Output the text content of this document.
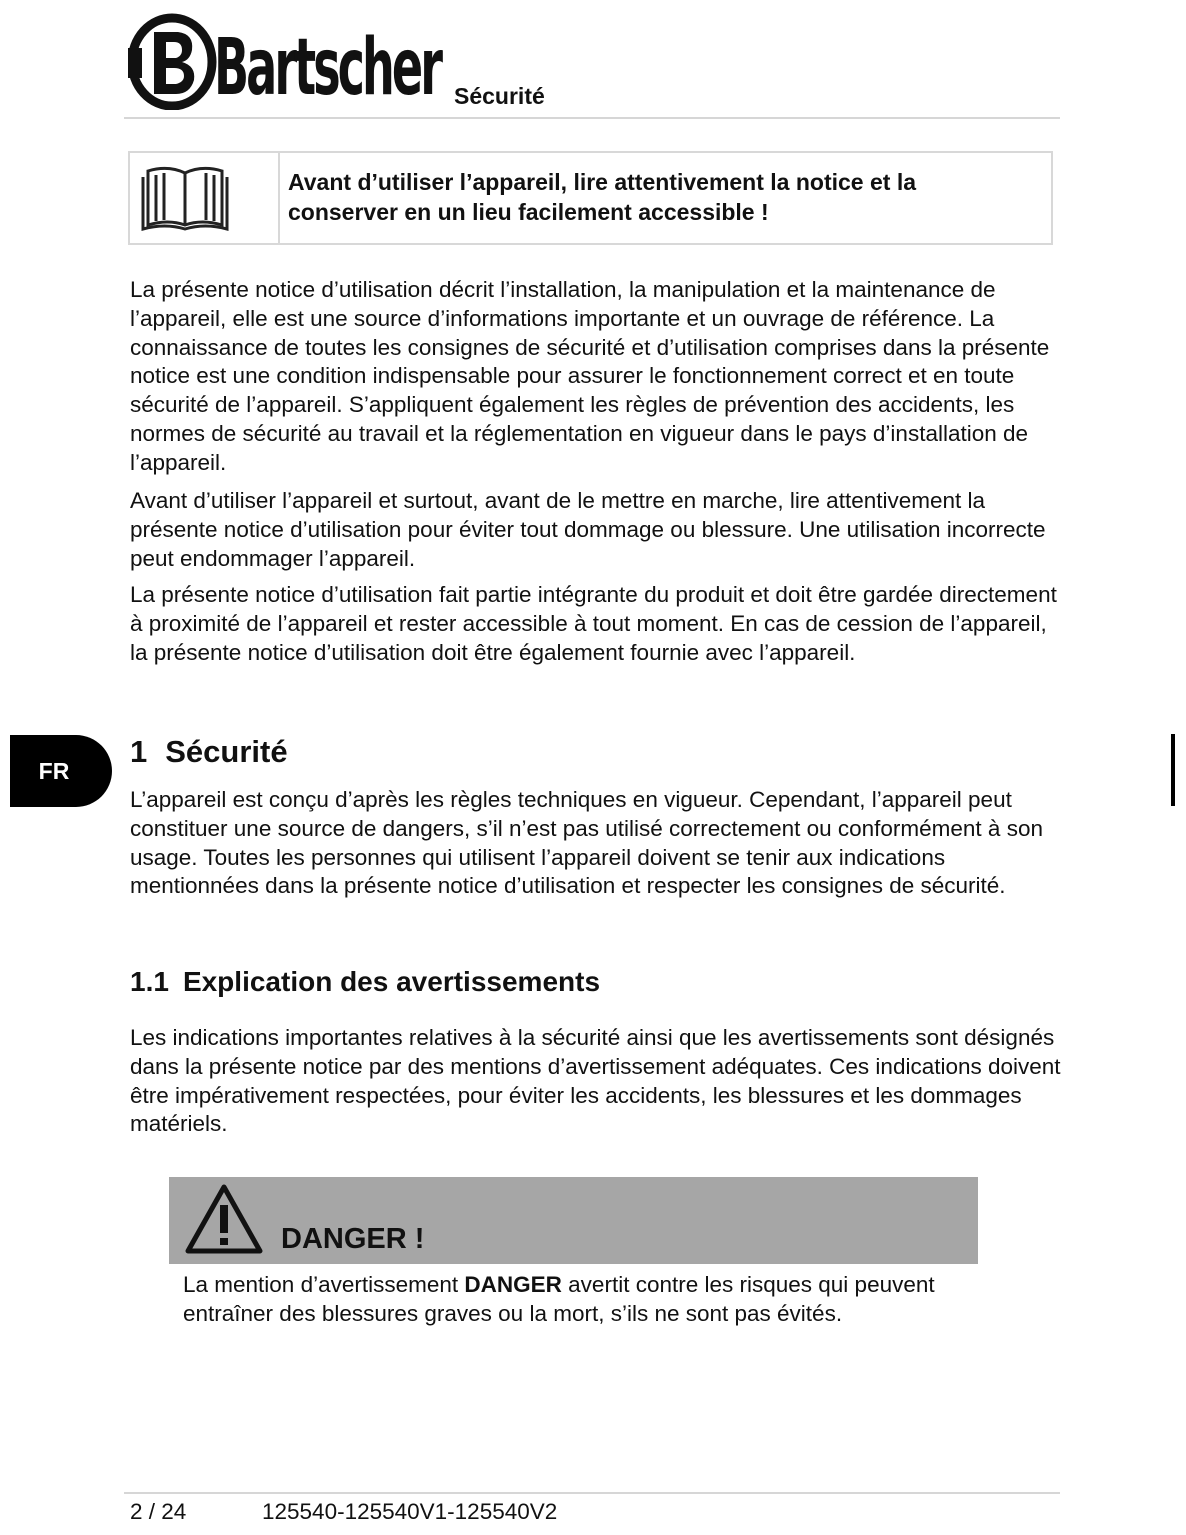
Bartscher Sécurité
Avant d’utiliser l’appareil, lire attentivement la notice et la conserver en un lieu facilement accessible !

La présente notice d’utilisation décrit l’installation, la manipulation et la maintenance de l’appareil, elle est une source d’informations importante et un ouvrage de référence. La connaissance de toutes les consignes de sécurité et d’utilisation comprises dans la présente notice est une condition indispensable pour assurer le fonctionnement correct et en toute sécurité de l’appareil. S’appliquent également les règles de prévention des accidents, les normes de sécurité au travail et la réglementation en vigueur dans le pays d’installation de l’appareil.

Avant d’utiliser l’appareil et surtout, avant de le mettre en marche, lire attentivement la présente notice d’utilisation pour éviter tout dommage ou blessure. Une utilisation incorrecte peut endommager l’appareil.

La présente notice d’utilisation fait partie intégrante du produit et doit être gardée directement à proximité de l’appareil et rester accessible à tout moment. En cas de cession de l’appareil, la présente notice d’utilisation doit être également fournie avec l’appareil.

FR
1 Sécurité

L’appareil est conçu d’après les règles techniques en vigueur. Cependant, l’appareil peut constituer une source de dangers, s’il n’est pas utilisé correctement ou conformément à son usage. Toutes les personnes qui utilisent l’appareil doivent se tenir aux indications mentionnées dans la présente notice d’utilisation et respecter les consignes de sécurité.

1.1 Explication des avertissements

Les indications importantes relatives à la sécurité ainsi que les avertissements sont désignés dans la présente notice par des mentions d’avertissement adéquates. Ces indications doivent être impérativement respectées, pour éviter les accidents, les blessures et les dommages matériels.

DANGER !
La mention d’avertissement DANGER avertit contre les risques qui peuvent entraîner des blessures graves ou la mort, s’ils ne sont pas évités.
2 / 24	125540-125540V1-125540V2
